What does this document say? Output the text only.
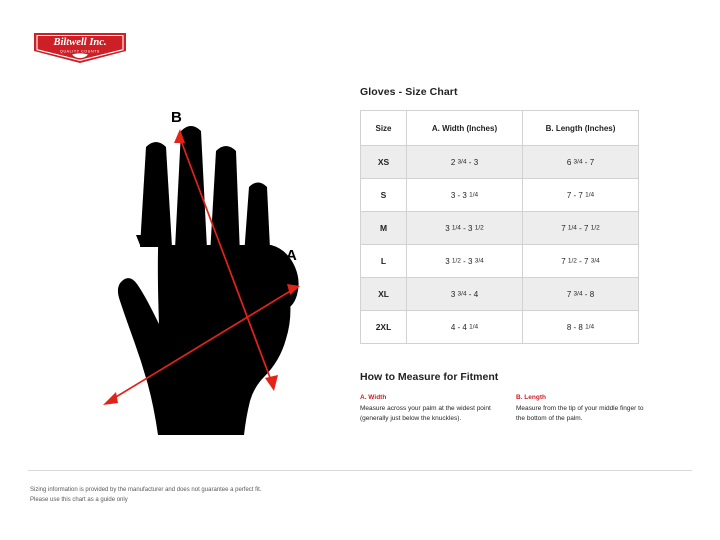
Biltwell Inc.
QUALITY COUNTS
B
A
Gloves - Size Chart
Size	A. Width (Inches)	B. Length (Inches)
XS	2 3/4 - 3	6 3/4 - 7
S	3 - 3 1/4	7 - 7 1/4
M	3 1/4 - 3 1/2	7 1/4 - 7 1/2
L	3 1/2 - 3 3/4	7 1/2 - 7 3/4
XL	3 3/4 - 4	7 3/4 - 8
2XL	4 - 4 1/4	8 - 8 1/4
How to Measure for Fitment

A. Width

Measure across your palm at the widest point (generally just below the knuckles).

B. Length

Measure from the tip of your middle finger to the bottom of the palm.

Sizing information is provided by the manufacturer and does not guarantee a perfect fit.

Please use this chart as a guide only
